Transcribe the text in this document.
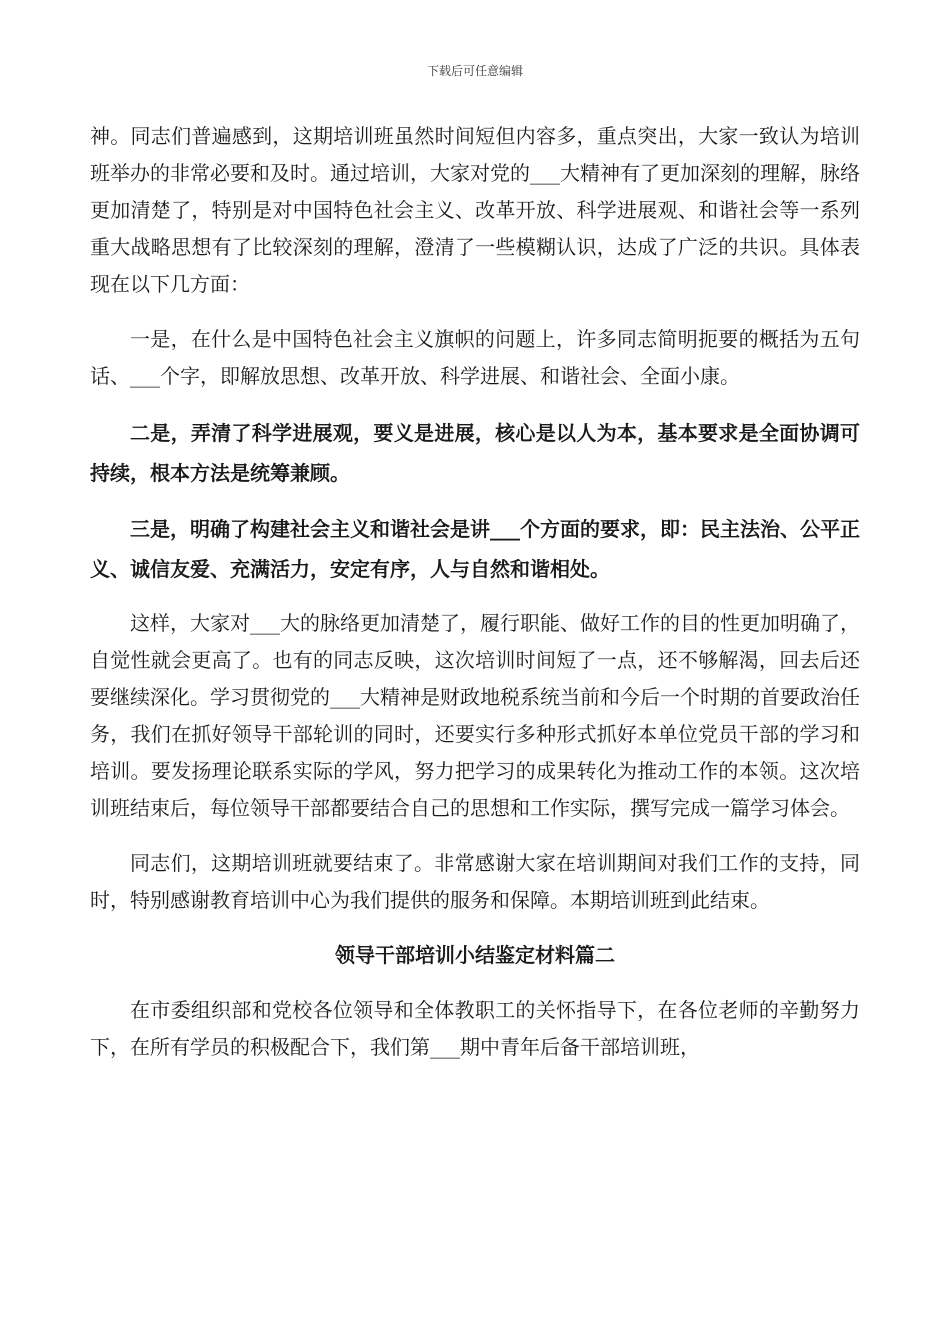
下载后可任意编辑

神。同志们普遍感到，这期培训班虽然时间短但内容多，重点突出，大家一致认为培训班举办的非常必要和及时。通过培训，大家对党的___大精神有了更加深刻的理解，脉络更加清楚了，特别是对中国特色社会主义、改革开放、科学进展观、和谐社会等一系列重大战略思想有了比较深刻的理解，澄清了一些模糊认识，达成了广泛的共识。具体表现在以下几方面：

一是，在什么是中国特色社会主义旗帜的问题上，许多同志简明扼要的概括为五句话、___个字，即解放思想、改革开放、科学进展、和谐社会、全面小康。

二是，弄清了科学进展观，要义是进展，核心是以人为本，基本要求是全面协调可持续，根本方法是统筹兼顾。

三是，明确了构建社会主义和谐社会是讲___个方面的要求，即：民主法治、公平正义、诚信友爱、充满活力，安定有序，人与自然和谐相处。

这样，大家对___大的脉络更加清楚了，履行职能、做好工作的目的性更加明确了，自觉性就会更高了。也有的同志反映，这次培训时间短了一点，还不够解渴，回去后还要继续深化。学习贯彻党的___大精神是财政地税系统当前和今后一个时期的首要政治任务，我们在抓好领导干部轮训的同时，还要实行多种形式抓好本单位党员干部的学习和培训。要发扬理论联系实际的学风，努力把学习的成果转化为推动工作的本领。这次培训班结束后，每位领导干部都要结合自己的思想和工作实际，撰写完成一篇学习体会。

同志们，这期培训班就要结束了。非常感谢大家在培训期间对我们工作的支持，同时，特别感谢教育培训中心为我们提供的服务和保障。本期培训班到此结束。

领导干部培训小结鉴定材料篇二

在市委组织部和党校各位领导和全体教职工的关怀指导下，在各位老师的辛勤努力下，在所有学员的积极配合下，我们第___期中青年后备干部培训班，
